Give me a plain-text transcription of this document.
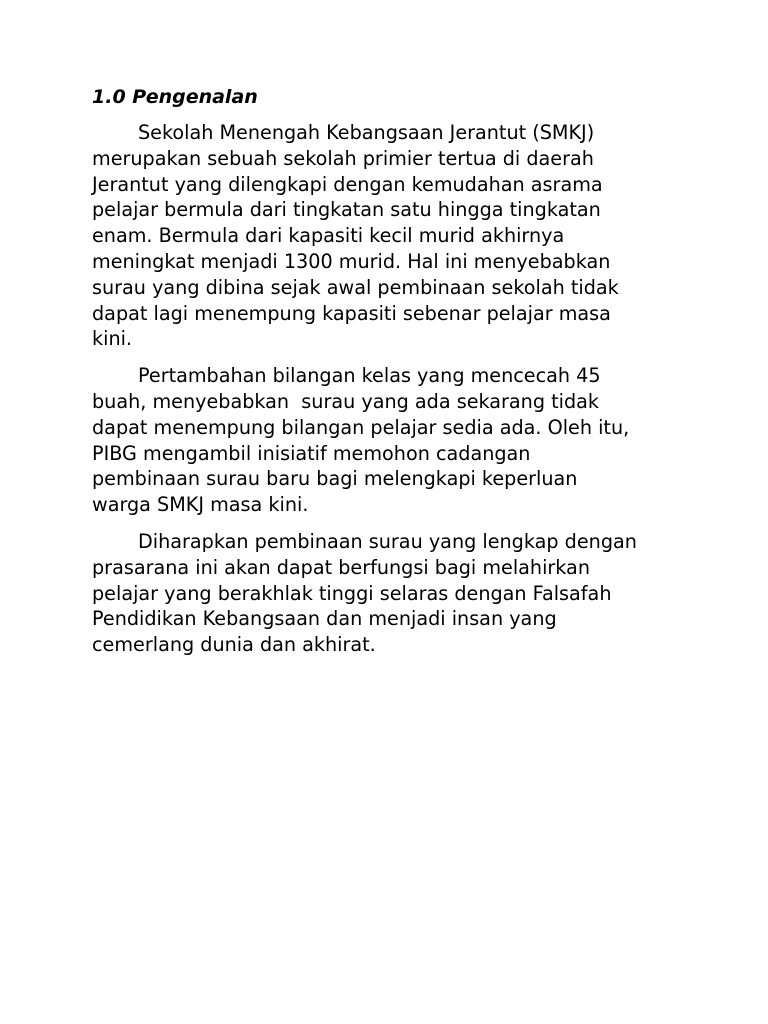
1.0 Pengenalan
Sekolah Menengah Kebangsaan Jerantut (SMKJ)
merupakan sebuah sekolah primier tertua di daerah
Jerantut yang dilengkapi dengan kemudahan asrama
pelajar bermula dari tingkatan satu hingga tingkatan
enam. Bermula dari kapasiti kecil murid akhirnya
meningkat menjadi 1300 murid. Hal ini menyebabkan
surau yang dibina sejak awal pembinaan sekolah tidak
dapat lagi menempung kapasiti sebenar pelajar masa
kini.
Pertambahan bilangan kelas yang mencecah 45
buah, menyebabkan  surau yang ada sekarang tidak
dapat menempung bilangan pelajar sedia ada. Oleh itu,
PIBG mengambil inisiatif memohon cadangan
pembinaan surau baru bagi melengkapi keperluan
warga SMKJ masa kini.
Diharapkan pembinaan surau yang lengkap dengan
prasarana ini akan dapat berfungsi bagi melahirkan
pelajar yang berakhlak tinggi selaras dengan Falsafah
Pendidikan Kebangsaan dan menjadi insan yang
cemerlang dunia dan akhirat.
